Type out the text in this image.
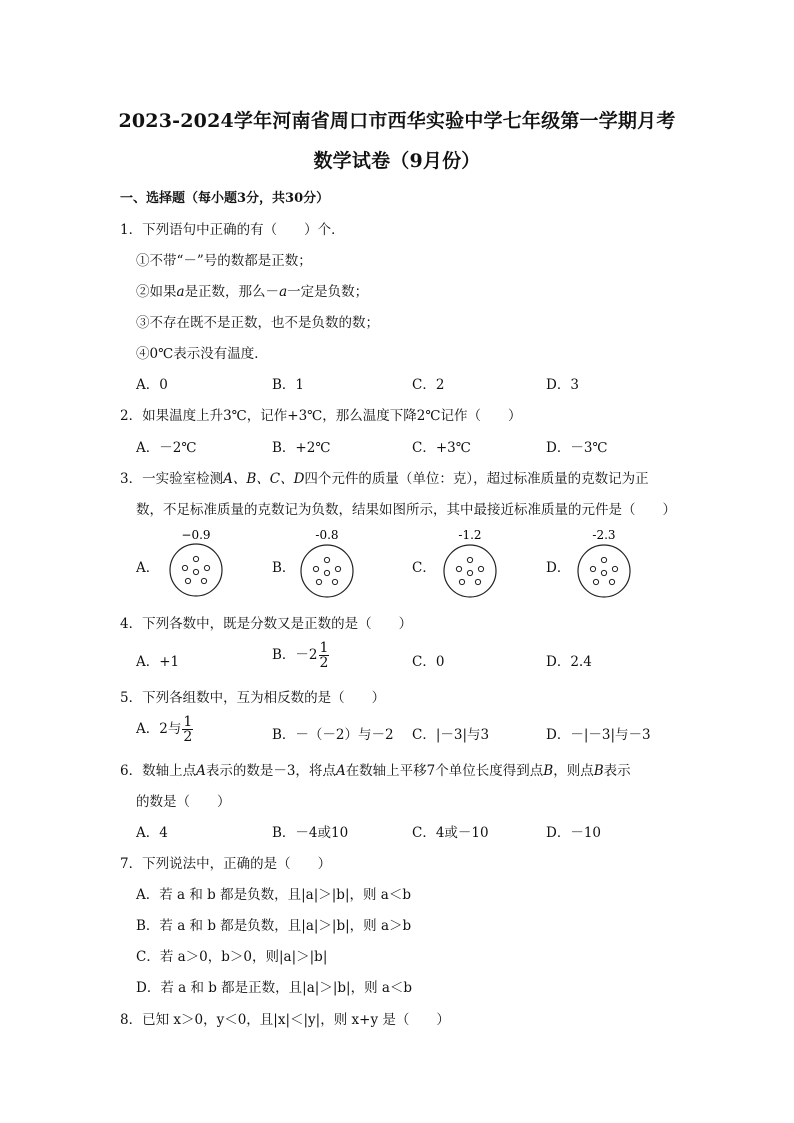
2023-2024学年河南省周口市西华实验中学七年级第一学期月考
数学试卷（9月份）
一、选择题（每小题3分，共30分）
1．下列语句中正确的有（　　）个．
①不带“－”号的数都是正数；
②如果a是正数，那么－a一定是负数；
③不存在既不是正数，也不是负数的数；
④0℃表示没有温度．
A．0	B．1	C．2	D．3
2．如果温度上升3℃，记作+3℃，那么温度下降2℃记作（　　）
A．－2℃	B．+2℃	C．+3℃	D．－3℃
3．一实验室检测A、B、C、D四个元件的质量（单位：克），超过标准质量的克数记为正
数，不足标准质量的克数记为负数，结果如图所示，其中最接近标准质量的元件是（　　）
A．	B．	C．	D．
−0.9	-0.8	-1.2	-2.3
4．下列各数中，既是分数又是正数的是（　　）
A．+1	B．$-2 \frac{1}{2}$	C．0	D．2.4
5．下列各组数中，互为相反数的是（　　）
A．2与 $\frac{1}{2}$	B．－（－2）与－2 C．|－3|与3	D．－|－3|与－3
6．数轴上点A表示的数是－3，将点A在数轴上平移7个单位长度得到点B，则点B表示
的数是（　　）
A．4	B．－4或10	C．4或－10	D．－10
7．下列说法中，正确的是（　　）
A．若 a 和 b 都是负数，且|a|＞|b|，则 a＜b
B．若 a 和 b 都是负数，且|a|＞|b|，则 a＞b
C．若 a＞0，b＞0，则|a|＞|b|
D．若 a 和 b 都是正数，且|a|＞|b|，则 a＜b
8．已知 x＞0，y＜0，且|x|＜|y|，则 x+y 是（　　）
